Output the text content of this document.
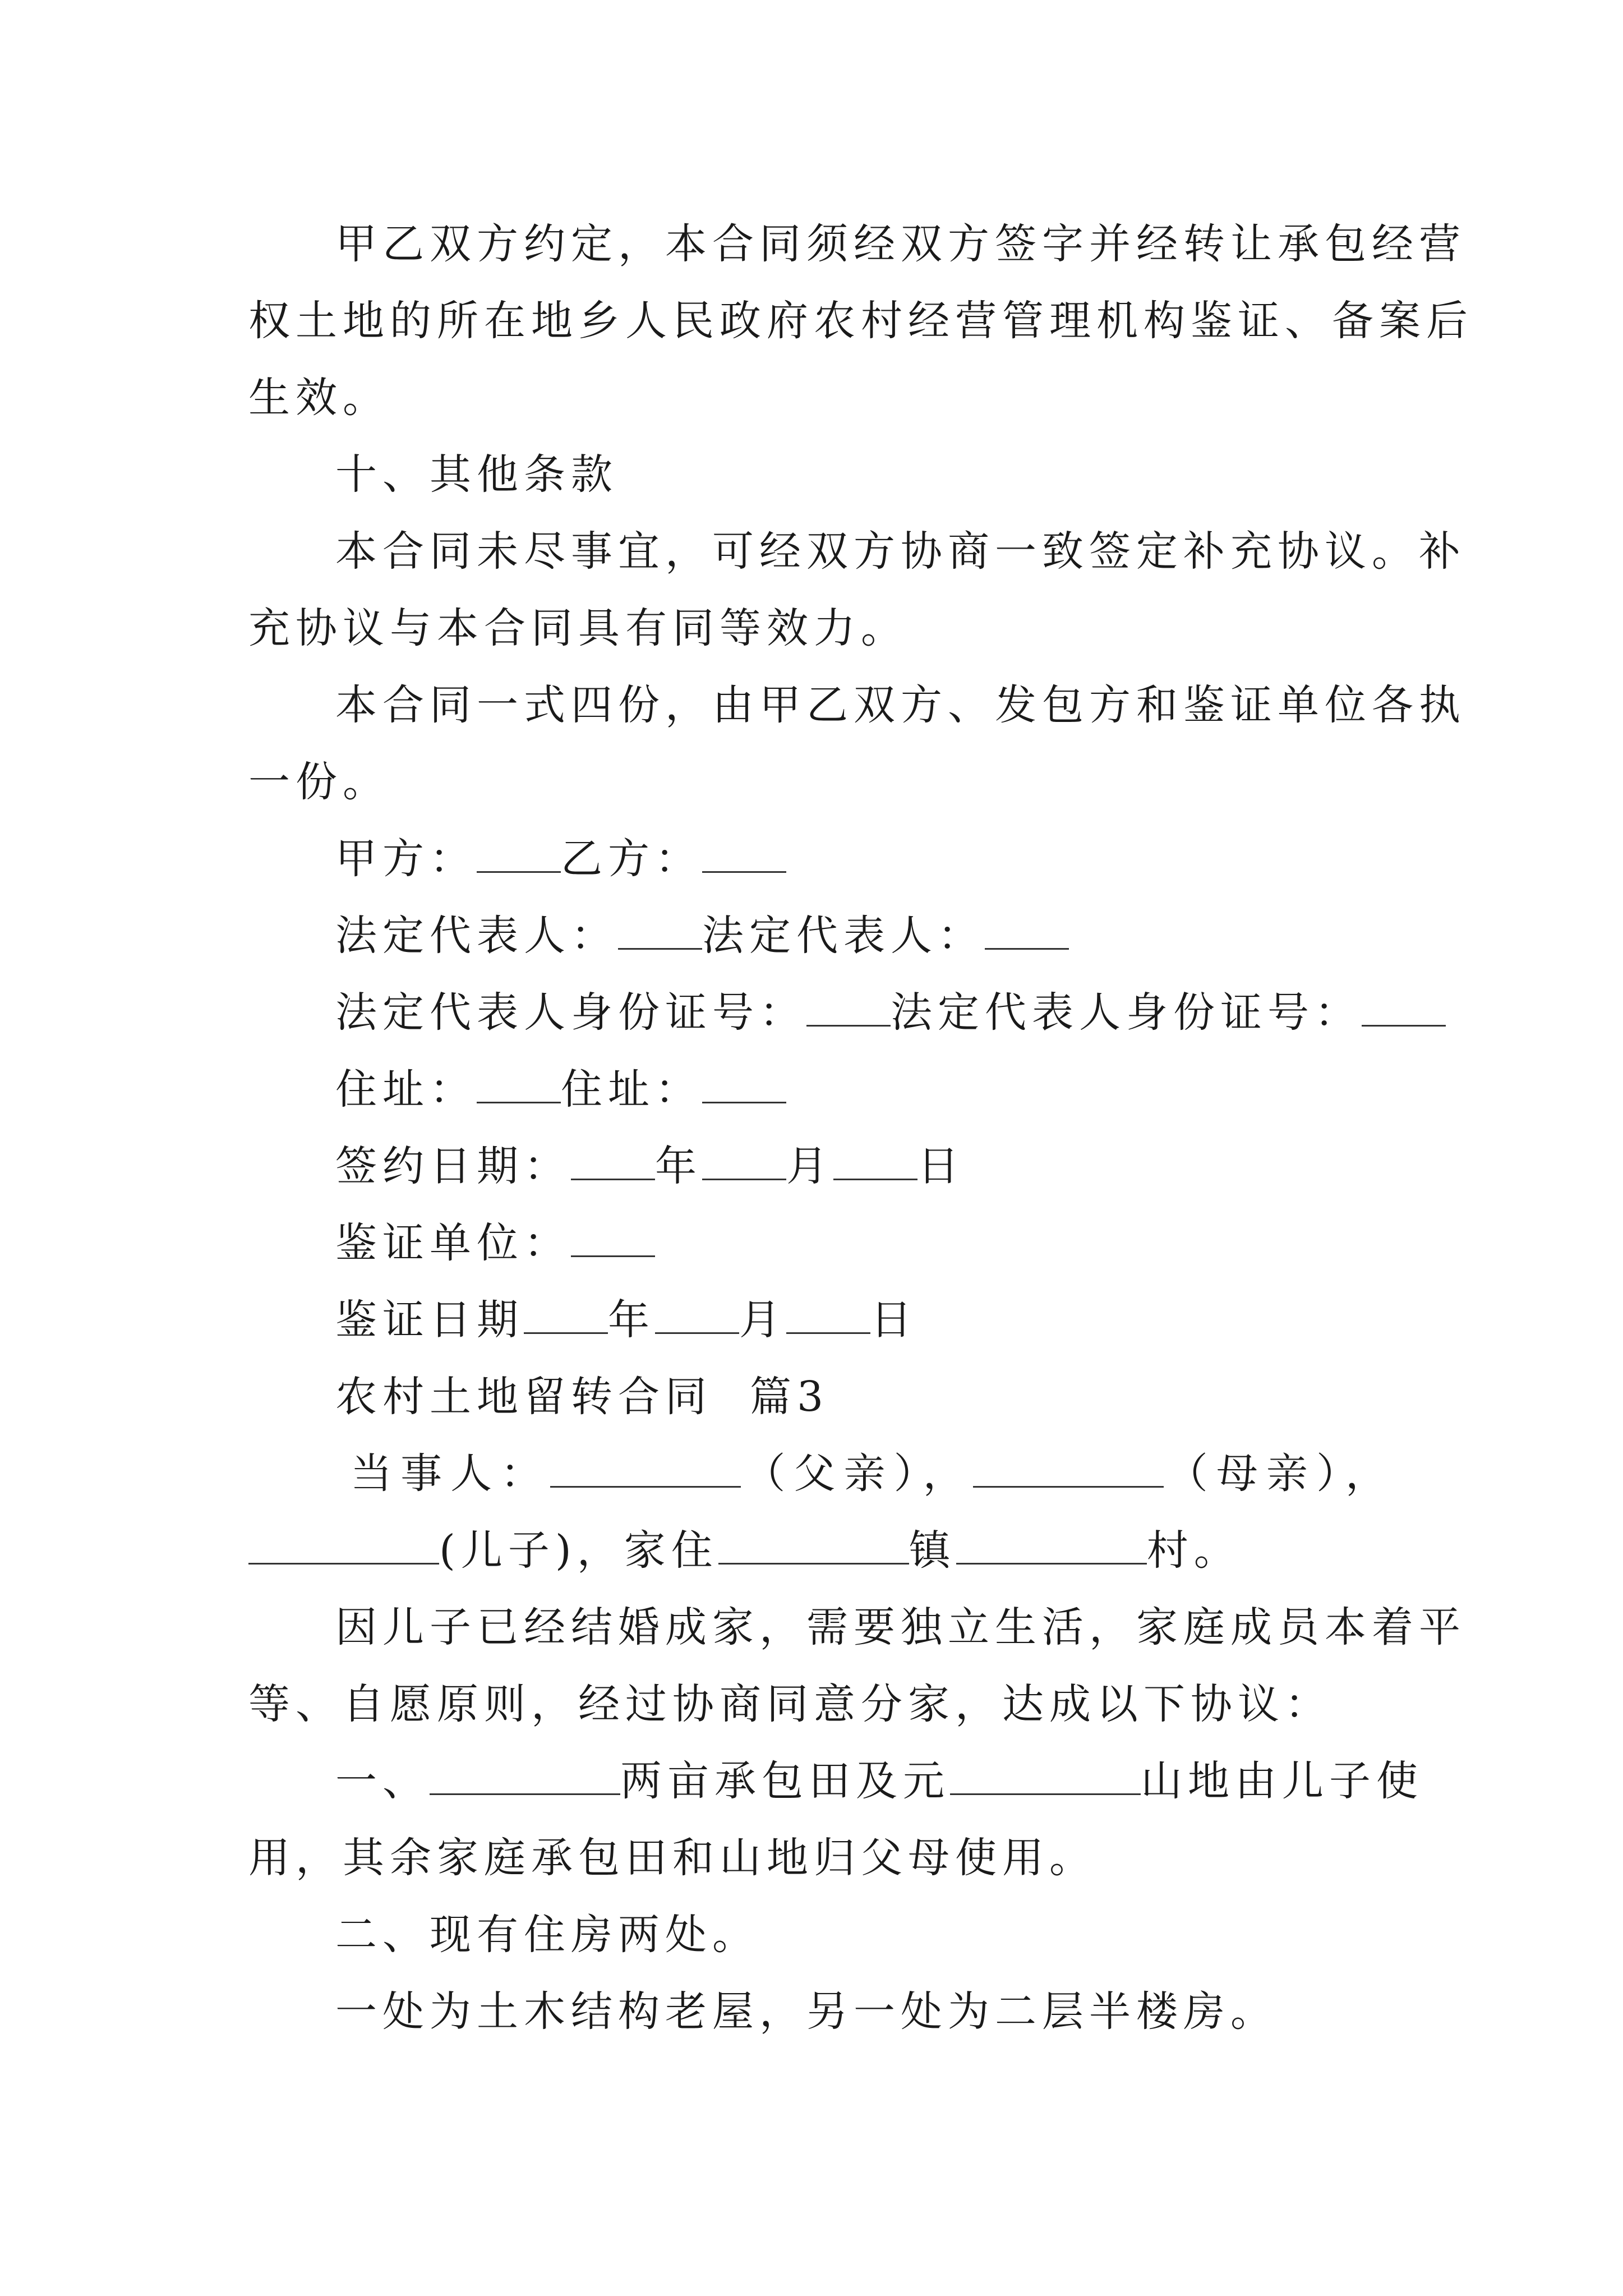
甲乙双方约定，本合同须经双方签字并经转让承包经营
权土地的所在地乡人民政府农村经营管理机构鉴证、备案后
生效。
十、其他条款
本合同未尽事宜，可经双方协商一致签定补充协议。补
充协议与本合同具有同等效力。
本合同一式四份，由甲乙双方、发包方和鉴证单位各执
一份。
甲方： 乙方：
法定代表人： 法定代表人：
法定代表人身份证号： 法定代表人身份证号：
住址： 住址：
签约日期： 年 月 日
鉴证单位：
鉴证日期 年 月 日
农村土地留转合同  篇3
当事人：	（父亲），	（母亲），
(儿子)，家住	镇	村。
因儿子已经结婚成家，需要独立生活，家庭成员本着平
等、自愿原则，经过协商同意分家，达成以下协议：
一、	两亩承包田及元	山地由儿子使
用，其余家庭承包田和山地归父母使用。
二、现有住房两处。
一处为土木结构老屋，另一处为二层半楼房。
